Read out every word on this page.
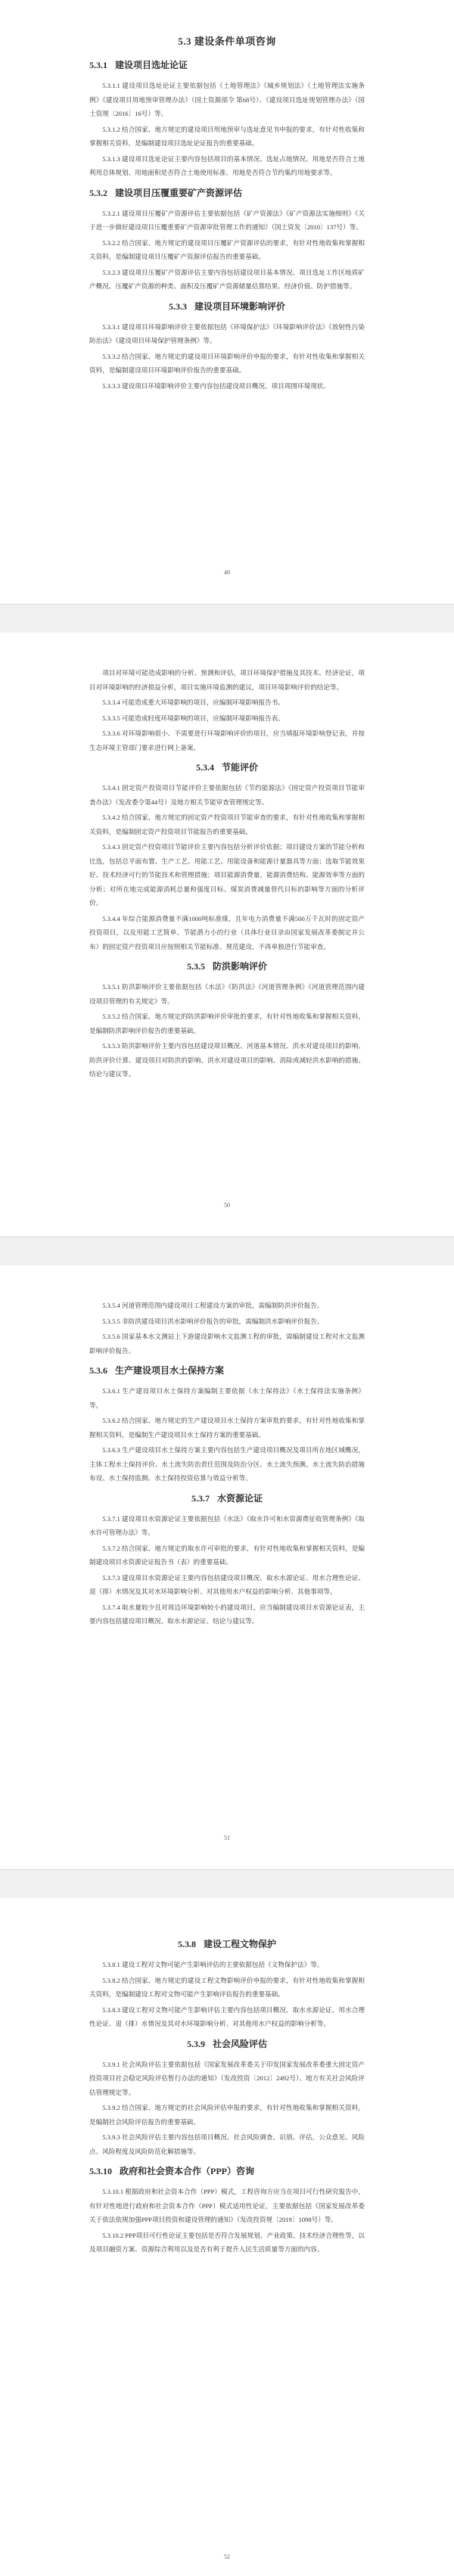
5.3 建设条件单项咨询
5.3.1 建设项目选址论证

5.3.1.1 建设项目选址论证主要依据包括《土地管理法》《城乡规划法》《土地管理法实施条例》《建设项目用地预审管理办法》（国土资源部令 第68号）、《建设项目选址规划管理办法》（国土资规〔2016〕16号）等。

5.3.1.2 结合国家、地方规定的建设项目用地预审与选址意见书申报的要求，有针对性收集和掌握相关资料，是编制建设项目选址论证报告的重要基础。

5.3.1.3 建设项目选址论证主要内容包括项目的基本情况、选址占地情况、用地是否符合土地利用总体规划、用地面积是否符合土地使用标准、用地是否符合节约集约用地要求等。

5.3.2 建设项目压覆重要矿产资源评估

5.3.2.1 建设项目压覆矿产资源评估主要依据包括《矿产资源法》《矿产资源法实施细则》《关于进一步做好建设项目压覆重要矿产资源审批管理工作的通知》（国土资发〔2010〕137号）等。

5.3.2.2 结合国家、地方规定的建设项目压覆矿产资源评估的要求，有针对性地收集和掌握相关资料，是编制建设项目压覆矿产资源评估报告的重要基础。

5.3.2.3 建设项目压覆矿产资源评估主要内容包括建设项目基本情况、项目选址工作区地质矿产概况、压覆矿产资源的种类、面积及压覆矿产资源储量估算结果、经济价值、防护措施等。

5.3.3 建设项目环境影响评价

5.3.3.1 建设项目环境影响评价主要依据包括《环境保护法》《环境影响评价法》《放射性污染防治法》《建设项目环境保护管理条例》等。

5.3.3.2 结合国家、地方规定的建设项目环境影响评价申报的要求，有针对性收集和掌握相关资料，是编制建设项目环境影响评价报告的重要基础。

5.3.3.3 建设项目环境影响评价主要内容包括建设项目概况、项目周围环境现状、

49

项目对环境可能造成影响的分析、预测和评估，项目环境保护措施及其技术、经济论证，项目对环境影响的经济损益分析，项目实施环境监测的建议，项目环境影响评价的结论等。

5.3.3.4 可能造成重大环境影响的项目，应编制环境影响报告书。

5.3.3.5 可能造成轻度环境影响的项目，应编制环境影响报告表。

5.3.3.6 对环境影响很小、不需要进行环境影响评价的项目，应当填报环境影响登记表，并按生态环境主管部门要求进行网上备案。

5.3.4 节能评价

5.3.4.1 固定资产投资项目节能评价主要依据包括《节约能源法》《固定资产投资项目节能审查办法》（发改委令第44号）及地方相关节能审查管理规定等。

5.3.4.2 结合国家、地方规定的固定资产投资项目节能审查的要求，有针对性地收集和掌握相关资料，是编制固定资产投资项目节能报告的重要基础。

5.3.4.3 固定资产投资项目节能评价主要内容包括分析评价依据；项目建设方案的节能分析和比选，包括总平面布置、生产工艺、用能工艺、用能设备和能源计量器具等方面；选取节能效果好、技术经济可行的节能技术和管理措施；项目能源消费量、能源消费结构、能源效率等方面的分析；对所在地完成能源消耗总量和强度目标、煤炭消费减量替代目标的影响等方面的分析评价。

5.3.4.4 年综合能源消费量不满1000吨标准煤，且年电力消费量不满500万千瓦时的固定资产投资项目，以及用能工艺简单、节能潜力小的行业（具体行业目录由国家发展改革委制定并公布）的固定资产投资项目应按照相关节能标准、规范建设，不再单独进行节能审查。

5.3.5 防洪影响评价

5.3.5.1 防洪影响评价主要依据包括《水法》《防洪法》《河道管理条例》《河道管理范围内建设项目管理的有关规定》等。

5.3.5.2 结合国家、地方规定的防洪影响评价审批的要求，有针对性地收集和掌握相关资料，是编制防洪影响评价报告的重要基础。

5.3.5.3 防洪影响评价主要内容包括建设项目概况、河道基本情况、洪水对建设项目的影响、防洪评价计算、建设项目对防洪的影响、洪水对建设项目的影响、消除或减轻洪水影响的措施、结论与建议等。

50

5.3.5.4 河道管理范围内建设项目工程建设方案的审批，需编制防洪评价报告。

5.3.5.5 非防洪建设项目洪水影响评价报告的审批，需编制洪水影响评价报告。

5.3.5.6 国家基本水文测站上下游建设影响水文监测工程的审批，需编制建设工程对水文监测影响评价报告。

5.3.6 生产建设项目水土保持方案

5.3.6.1 生产建设项目水土保持方案编制主要依据《水土保持法》《水土保持法实施条例》等。

5.3.6.2 结合国家、地方规定的生产建设项目水土保持方案审批的要求，有针对性地收集和掌握相关资料，是编制生产建设项目水土保持方案的重要基础。

5.3.6.3 生产建设项目水土保持方案主要内容包括生产建设项目概况及项目所在地区域概况，主体工程水土保持评价、水土流失防治责任范围及防治分区、水土流失预测、水土流失防治措施布设、水土保持监测、水土保持投资估算与效益分析等。

5.3.7 水资源论证

5.3.7.1 建设项目水资源论证主要依据包括《水法》《取水许可和水资源费征收管理条例》《取水许可管理办法》等。

5.3.7.2 结合国家、地方规定的取水许可审批的要求，有针对性地收集和掌握相关资料，是编制建设项目水资源论证报告书（表）的重要基础。

5.3.7.3 建设项目水资源论证主要内容包括建设项目概况、取水水源论证、用水合理性论证、退（排）水情况及其对水环境影响分析、对其他用水户权益的影响分析、其他事项等。

5.3.7.4 取水量较少且对周边环境影响较小的建设项目，应当编制建设项目水资源论证表，主要内容包括建设项目概况、取水水源论证、结论与建议等。

51
5.3.8 建设工程文物保护

5.3.8.1 建设工程对文物可能产生影响评估的主要依据包括《文物保护法》等。

5.3.8.2 结合国家、地方规定的建设工程文物影响评价申报的要求，有针对性地收集和掌握相关资料，是编制建设工程对文物可能产生影响评估报告的重要基础。

5.3.8.3 建设工程对文物可能产生影响评估主要内容包括项目概况、取水水源论证、用水合理性论证、退（排）水情况及其对水环境影响分析、对其他用水户权益的影响分析等。

5.3.9 社会风险评估

5.3.9.1 社会风险评估主要依据包括《国家发展改革委关于印发国家发展改革委重大固定资产投资项目社会稳定风险评估暂行办法的通知》（发改投资〔2012〕2492号）、地方有关社会风险评估管理规定等。

5.3.9.2 结合国家、地方规定的社会风险评估申报的要求，有针对性地收集和掌握相关资料，是编制社会风险评估报告的重要基础。

5.3.9.3 社会风险评估主要内容包括项目概况、社会风险调查、识别、评估，公众意见、风险点、风险程度及风险防范化解措施等。

5.3.10 政府和社会资本合作（PPP）咨询

5.3.10.1 根据政府和社会资本合作（PPP）模式，工程咨询方应当在项目可行性研究报告中，有针对性地进行政府和社会资本合作（PPP）模式适用性论证，主要依据包括《国家发展改革委关于依法依规加强PPP项目投资和建设管理的通知》（发改投资规〔2019〕1098号）等。

5.3.10.2 PPP项目可行性论证主要包括是否符合发展规划、产业政策、技术经济合理性等，以及项目融资方案、资源综合利用以及是否有利于提升人民生活质量等方面的内容。

52
